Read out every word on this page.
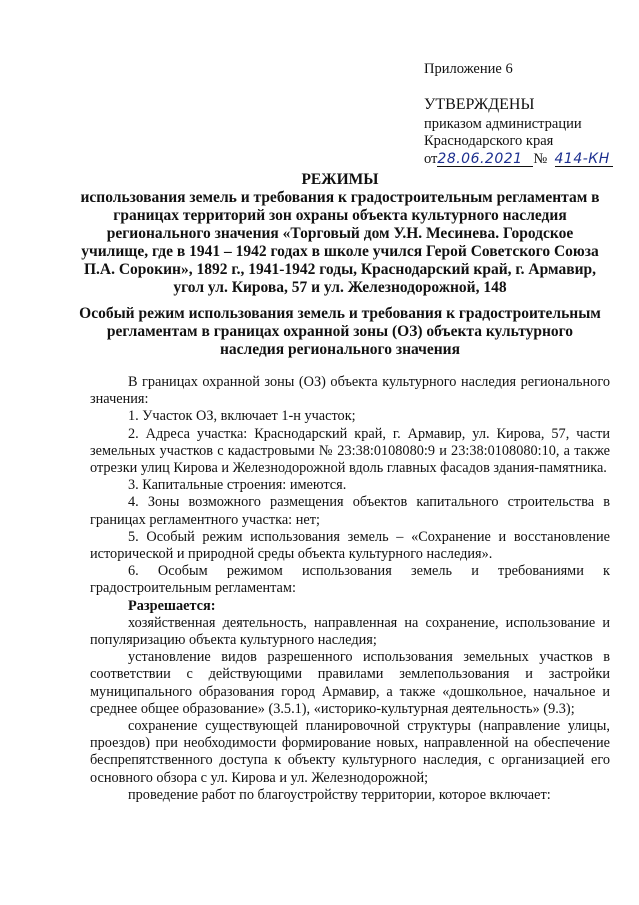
Приложение 6
УТВЕРЖДЕНЫ
приказом администрации
Краснодарского края
от28.06.2021 № 414-КН
РЕЖИМЫ
использования земель и требования к градостроительным регламентам в
границах территорий зон охраны объекта культурного наследия
регионального значения «Торговый дом У.Н. Месинева. Городское
училище, где в 1941 – 1942 годах в школе учился Герой Советского Союза
П.А. Сорокин», 1892 г., 1941-1942 годы, Краснодарский край, г. Армавир,
угол ул. Кирова, 57 и ул. Железнодорожной, 148
Особый режим использования земель и требования к градостроительным
регламентам в границах охранной зоны (ОЗ) объекта культурного
наследия регионального значения

В границах охранной зоны (ОЗ) объекта культурного наследия регионального значения:

1. Участок ОЗ, включает 1-н участок;

2. Адреса участка: Краснодарский край, г. Армавир, ул. Кирова, 57, части земельных участков с кадастровыми № 23:38:0108080:9 и 23:38:0108080:10, а также отрезки улиц Кирова и Железнодорожной вдоль главных фасадов здания-памятника.

3. Капитальные строения: имеются.

4. Зоны возможного размещения объектов капитального строительства в границах регламентного участка: нет;

5. Особый режим использования земель – «Сохранение и восстановление исторической и природной среды объекта культурного наследия».

6. Особым режимом использования земель и требованиями к градостроительным регламентам:

Разрешается:

хозяйственная деятельность, направленная на сохранение, использование и популяризацию объекта культурного наследия;

установление видов разрешенного использования земельных участков в соответствии с действующими правилами землепользования и застройки муниципального образования город Армавир, а также «дошкольное, начальное и среднее общее образование» (3.5.1), «историко-культурная деятельность» (9.3);

сохранение существующей планировочной структуры (направление улицы, проездов) при необходимости формирование новых, направленной на обеспечение беспрепятственного доступа к объекту культурного наследия, с организацией его основного обзора с ул. Кирова и ул. Железнодорожной;

проведение работ по благоустройству территории, которое включает:
